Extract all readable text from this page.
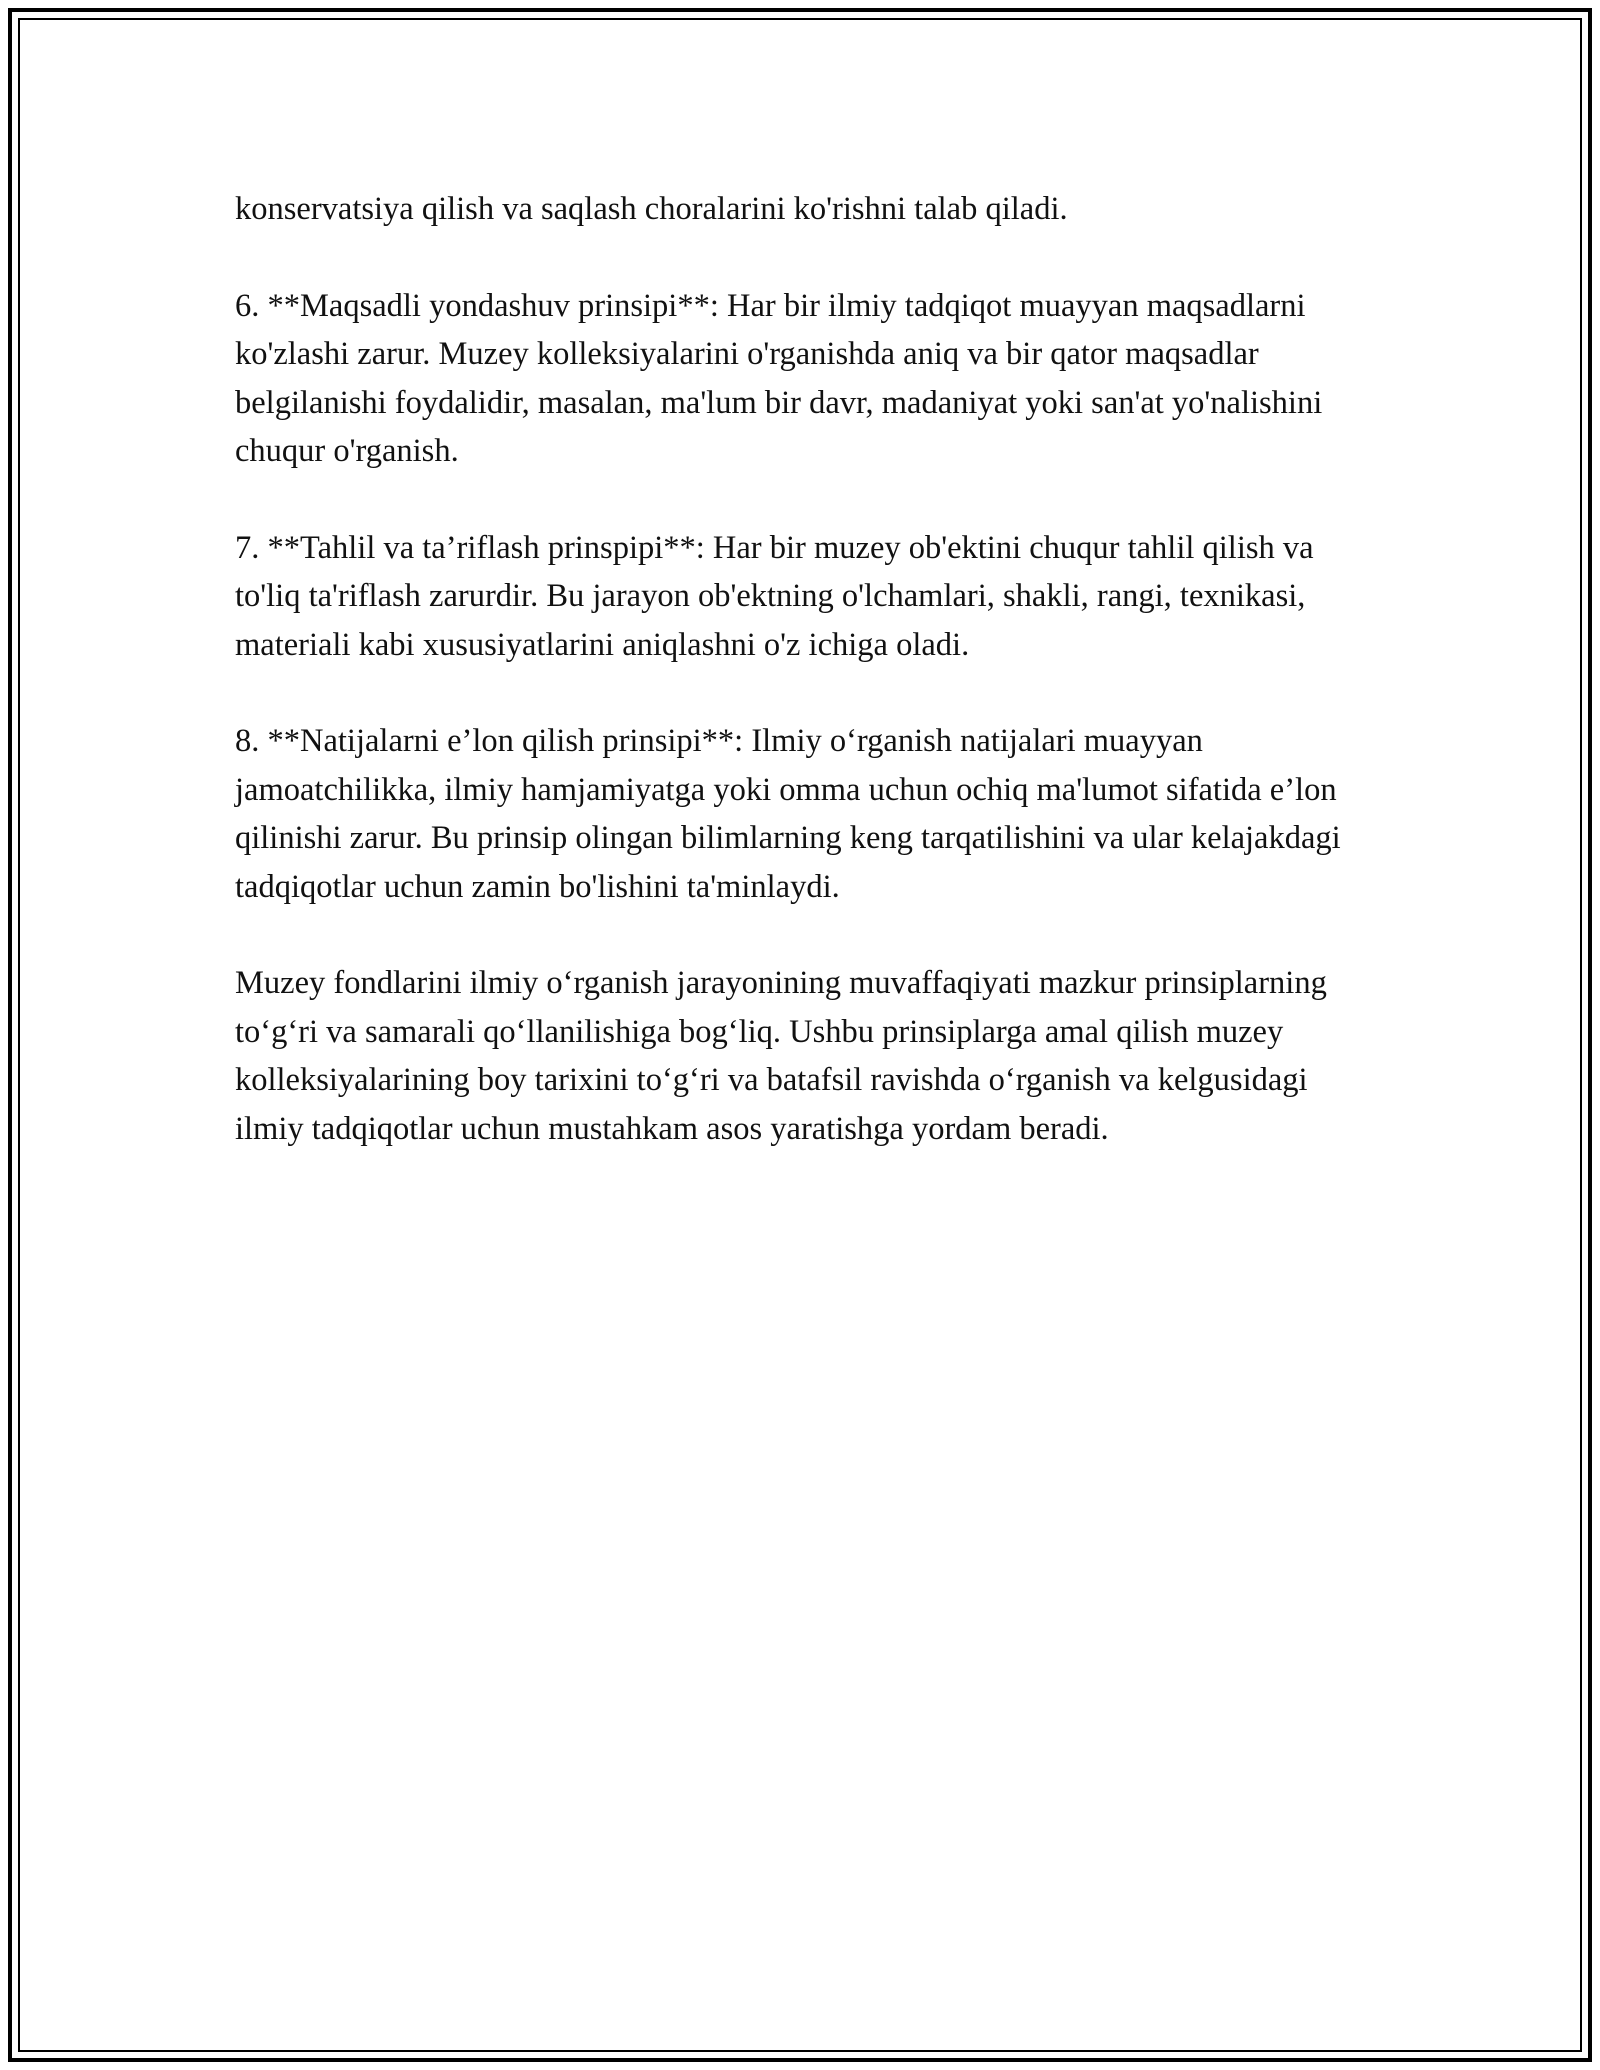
konservatsiya qilish va saqlash choralarini ko'rishni talab qiladi.

6. **Maqsadli yondashuv prinsipi**: Har bir ilmiy tadqiqot muayyan maqsadlarni ko'zlashi zarur. Muzey kolleksiyalarini o'rganishda aniq va bir qator maqsadlar belgilanishi foydalidir, masalan, ma'lum bir davr, madaniyat yoki san'at yo'nalishini chuqur o'rganish.

7. **Tahlil va ta’riflash prinspipi**: Har bir muzey ob'ektini chuqur tahlil qilish va to'liq ta'riflash zarurdir. Bu jarayon ob'ektning o'lchamlari, shakli, rangi, texnikasi, materiali kabi xususiyatlarini aniqlashni o'z ichiga oladi.

8. **Natijalarni e’lon qilish prinsipi**: Ilmiy o‘rganish natijalari muayyan jamoatchilikka, ilmiy hamjamiyatga yoki omma uchun ochiq ma'lumot sifatida e’lon qilinishi zarur. Bu prinsip olingan bilimlarning keng tarqatilishini va ular kelajakdagi tadqiqotlar uchun zamin bo'lishini ta'minlaydi.

Muzey fondlarini ilmiy o‘rganish jarayonining muvaffaqiyati mazkur prinsiplarning to‘g‘ri va samarali qo‘llanilishiga bog‘liq. Ushbu prinsiplarga amal qilish muzey kolleksiyalarining boy tarixini to‘g‘ri va batafsil ravishda o‘rganish va kelgusidagi ilmiy tadqiqotlar uchun mustahkam asos yaratishga yordam beradi.
